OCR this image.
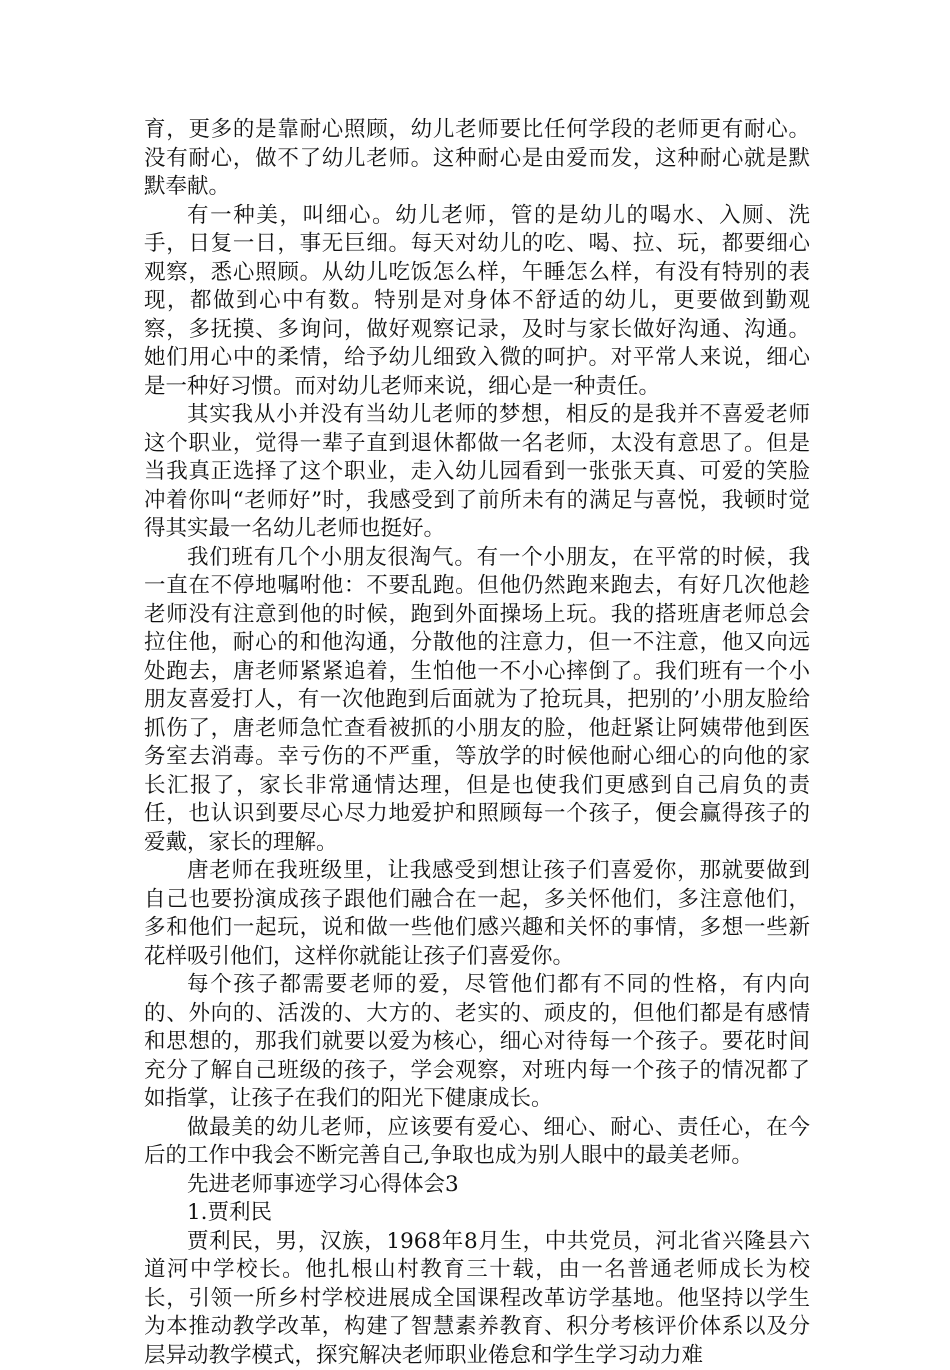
育，更多的是靠耐心照顾，幼儿老师要比任何学段的老师更有耐心。没有耐心，做不了幼儿老师。这种耐心是由爱而发，这种耐心就是默默奉献。

有一种美，叫细心。幼儿老师，管的是幼儿的喝水、入厕、洗手，日复一日，事无巨细。每天对幼儿的吃、喝、拉、玩，都要细心观察，悉心照顾。从幼儿吃饭怎么样，午睡怎么样，有没有特别的表现，都做到心中有数。特别是对身体不舒适的幼儿，更要做到勤观察，多抚摸、多询问，做好观察记录，及时与家长做好沟通、沟通。她们用心中的柔情，给予幼儿细致入微的呵护。对平常人来说，细心是一种好习惯。而对幼儿老师来说，细心是一种责任。

其实我从小并没有当幼儿老师的梦想，相反的是我并不喜爱老师这个职业，觉得一辈子直到退休都做一名老师，太没有意思了。但是当我真正选择了这个职业，走入幼儿园看到一张张天真、可爱的笑脸冲着你叫“老师好”时，我感受到了前所未有的满足与喜悦，我顿时觉得其实最一名幼儿老师也挺好。

我们班有几个小朋友很淘气。有一个小朋友，在平常的时候，我一直在不停地嘱咐他：不要乱跑。但他仍然跑来跑去，有好几次他趁老师没有注意到他的时候，跑到外面操场上玩。我的搭班唐老师总会拉住他，耐心的和他沟通，分散他的注意力，但一不注意，他又向远处跑去，唐老师紧紧追着，生怕他一不小心摔倒了。我们班有一个小朋友喜爱打人，有一次他跑到后面就为了抢玩具，把别的’小朋友脸给抓伤了，唐老师急忙查看被抓的小朋友的脸，他赶紧让阿姨带他到医务室去消毒。幸亏伤的不严重，等放学的时候他耐心细心的向他的家长汇报了，家长非常通情达理，但是也使我们更感到自己肩负的责任，也认识到要尽心尽力地爱护和照顾每一个孩子，便会赢得孩子的爱戴，家长的理解。

唐老师在我班级里，让我感受到想让孩子们喜爱你，那就要做到自己也要扮演成孩子跟他们融合在一起，多关怀他们，多注意他们，多和他们一起玩，说和做一些他们感兴趣和关怀的事情，多想一些新花样吸引他们，这样你就能让孩子们喜爱你。

每个孩子都需要老师的爱，尽管他们都有不同的性格，有内向的、外向的、活泼的、大方的、老实的、顽皮的，但他们都是有感情和思想的，那我们就要以爱为核心，细心对待每一个孩子。要花时间充分了解自己班级的孩子，学会观察，对班内每一个孩子的情况都了如指掌，让孩子在我们的阳光下健康成长。

做最美的幼儿老师，应该要有爱心、细心、耐心、责任心，在今后的工作中我会不断完善自己,争取也成为别人眼中的最美老师。

先进老师事迹学习心得体会3

1.贾利民

贾利民，男，汉族，1968年8月生，中共党员，河北省兴隆县六道河中学校长。他扎根山村教育三十载，由一名普通老师成长为校长，引领一所乡村学校进展成全国课程改革访学基地。他坚持以学生为本推动教学改革，构建了智慧素养教育、积分考核评价体系以及分层异动教学模式，探究解决老师职业倦怠和学生学习动力难
